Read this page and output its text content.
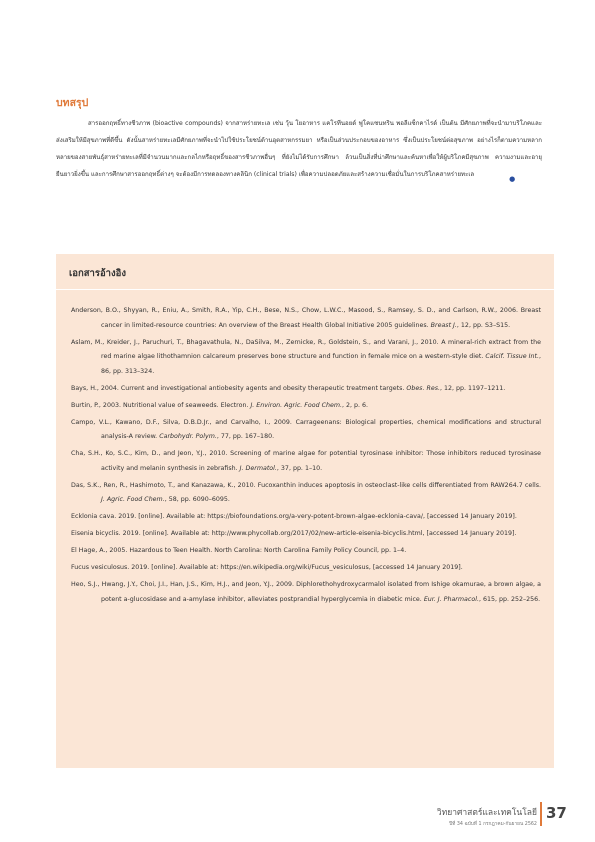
บทสรุป

สารออกฤทธิ์ทางชีวภาพ (bioactive compounds) จากสาหร่ายทะเล เช่น วุ้น โยอาหาร แคโรทีนอยด์ ฟูโคแซนทริน พอลีแซ็กคาไรด์ เป็นต้น มีศักยภาพที่จะนำมาบริโภคและส่งเสริมให้มีสุขภาพที่ดีขึ้น ดังนั้นสาหร่ายทะเลมีศักยภาพที่จะนำไปใช้ประโยชน์ด้านอุตสาหกรรมยา หรือเป็นส่วนประกอบของอาหาร ซึ่งเป็นประโยชน์ต่อสุขภาพ อย่างไรก็ตามความหลากหลายของสายพันธุ์สาหร่ายทะเลที่มีจำนวนมากและกลไกหรือฤทธิ์ของสารชีวภาพอื่นๆ ที่ยังไม่ได้รับการศึกษา ล้วนเป็นสิ่งที่น่าศึกษาและค้นหาเพื่อให้ผู้บริโภคมีสุขภาพ ความงามและอายุยืนยาวยิ่งขึ้น และการศึกษาสารออกฤทธิ์ต่างๆ จะต้องมีการทดลองทางคลินิก (clinical trials) เพื่อความปลอดภัยและสร้างความเชื่อมั่นในการบริโภคสาหร่ายทะเล●

เอกสารอ้างอิง
Anderson, B.O., Shyyan, R., Eniu, A., Smith, R.A., Yip, C.H., Bese, N.S., Chow, L.W.C., Masood, S., Ramsey, S. D., and Carlson, R.W., 2006. Breast cancer in limited-resource countries: An overview of the Breast Health Global Initiative 2005 guidelines. Breast J., 12, pp. S3–S15.
Aslam, M., Kreider, J., Paruchuri, T., Bhagavathula, N., DaSilva, M., Zernicke, R., Goldstein, S., and Varani, J., 2010. A mineral-rich extract from the red marine algae lithothamnion calcareum preserves bone structure and function in female mice on a western-style diet. Calcif. Tissue Int., 86, pp. 313–324.
Bays, H., 2004. Current and investigational antiobesity agents and obesity therapeutic treatment targets. Obes. Res., 12, pp. 1197–1211.
Burtin, P., 2003. Nutritional value of seaweeds. Electron. J. Environ. Agric. Food Chem., 2, p. 6.
Campo, V.L., Kawano, D.F., Silva, D.B.D.Jr., and Carvalho, I., 2009. Carrageenans: Biological properties, chemical modifications and structural analysis-A review. Carbohydr. Polym., 77, pp. 167–180.
Cha, S.H., Ko, S.C., Kim, D., and Jeon, Y.J., 2010. Screening of marine algae for potential tyrosinase inhibitor: Those inhibitors reduced tyrosinase activity and melanin synthesis in zebrafish. J. Dermatol., 37, pp. 1–10.
Das, S.K., Ren, R., Hashimoto, T., and Kanazawa, K., 2010. Fucoxanthin induces apoptosis in osteoclast-like cells differentiated from RAW264.7 cells. J. Agric. Food Chem., 58, pp. 6090–6095.
Ecklonia cava. 2019. [online]. Available at: https://biofoundations.org/a-very-potent-brown-algae-ecklonia-cava/, [accessed 14 January 2019].
Eisenia bicyclis. 2019. [online]. Available at: http://www.phycollab.org/2017/02/new-article-eisenia-bicyclis.html, [accessed 14 January 2019].
El Hage, A., 2005. Hazardous to Teen Health. North Carolina: North Carolina Family Policy Council, pp. 1–4.
Fucus vesiculosus. 2019. [online]. Available at: https://en.wikipedia.org/wiki/Fucus_vesiculosus, [accessed 14 January 2019].
Heo, S.J., Hwang, J.Y., Choi, J.I., Han, J.S., Kim, H.J., and Jeon, Y.J., 2009. Diphlorethohydroxycarmalol isolated from Ishige okamurae, a brown algae, a potent a-glucosidase and a-amylase inhibitor, alleviates postprandial hyperglycemia in diabetic mice. Eur. J. Pharmacol., 615, pp. 252–256.
วิทยาศาสตร์และเทคโนโลยี
ปีที่ 34 ฉบับที่ 1 กรกฎาคม-กันยายน 2562
37
